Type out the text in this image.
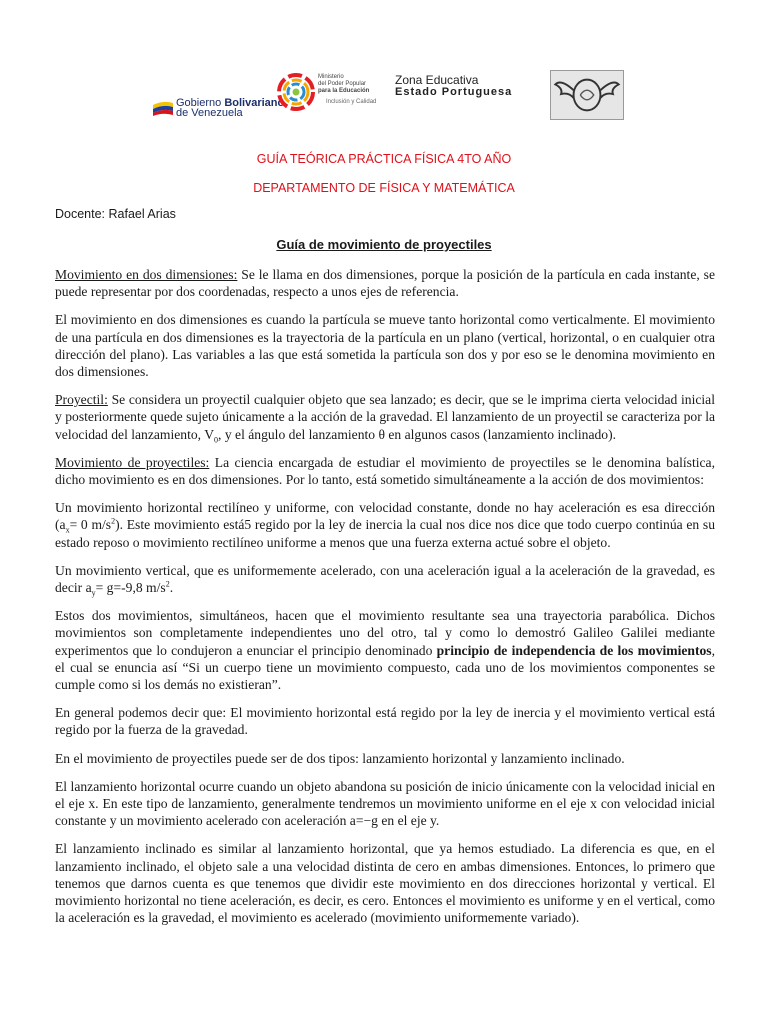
Gobierno Bolivariano
de Venezuela
Ministerio
del Poder Popular
para la Educación
Inclusión y Calidad
Zona Educativa
Estado Portuguesa
GUÍA TEÓRICA PRÁCTICA FÍSICA 4TO AÑO
DEPARTAMENTO DE FÍSICA Y MATEMÁTICA
Docente: Rafael Arias
Guía de movimiento de proyectiles

Movimiento en dos dimensiones: Se le llama en dos dimensiones, porque la posición de la partícula en cada instante, se puede representar por dos coordenadas, respecto a unos ejes de referencia.

El movimiento en dos dimensiones es cuando la partícula se mueve tanto horizontal como verticalmente. El movimiento de una partícula en dos dimensiones es la trayectoria de la partícula en un plano (vertical, horizontal, o en cualquier otra dirección del plano). Las variables a las que está sometida la partícula son dos y por eso se le denomina movimiento en dos dimensiones.

Proyectil: Se considera un proyectil cualquier objeto que sea lanzado; es decir, que se le imprima cierta velocidad inicial y posteriormente quede sujeto únicamente a la acción de la gravedad. El lanzamiento de un proyectil se caracteriza por la velocidad del lanzamiento, $V_0$, y el ángulo del lanzamiento θ en algunos casos (lanzamiento inclinado).

Movimiento de proyectiles: La ciencia encargada de estudiar el movimiento de proyectiles se le denomina balística, dicho movimiento es en dos dimensiones. Por lo tanto, está sometido simultáneamente a la acción de dos movimientos:

Un movimiento horizontal rectilíneo y uniforme, con velocidad constante, donde no hay aceleración es esa dirección ($a_x= 0$ $m/s^2$). Este movimiento está5 regido por la ley de inercia la cual nos dice nos dice que todo cuerpo continúa en su estado reposo o movimiento rectilíneo uniforme a menos que una fuerza externa actué sobre el objeto.

Un movimiento vertical, que es uniformemente acelerado, con una aceleración igual a la aceleración de la gravedad, es decir $a_y= g=-9,8$ $m/s^2$.

Estos dos movimientos, simultáneos, hacen que el movimiento resultante sea una trayectoria parabólica. Dichos movimientos son completamente independientes uno del otro, tal y como lo demostró Galileo Galilei mediante experimentos que lo condujeron a enunciar el principio denominado principio de independencia de los movimientos, el cual se enuncia así “Si un cuerpo tiene un movimiento compuesto, cada uno de los movimientos componentes se cumple como si los demás no existieran”.

En general podemos decir que: El movimiento horizontal está regido por la ley de inercia y el movimiento vertical está regido por la fuerza de la gravedad.

En el movimiento de proyectiles puede ser de dos tipos: lanzamiento horizontal y lanzamiento inclinado.

El lanzamiento horizontal ocurre cuando un objeto abandona su posición de inicio únicamente con la velocidad inicial en el eje x. En este tipo de lanzamiento, generalmente tendremos un movimiento uniforme en el eje x con velocidad inicial constante y un movimiento acelerado con aceleración a=−g en el eje y.

El lanzamiento inclinado es similar al lanzamiento horizontal, que ya hemos estudiado. La diferencia es que, en el lanzamiento inclinado, el objeto sale a una velocidad distinta de cero en ambas dimensiones. Entonces, lo primero que tenemos que darnos cuenta es que tenemos que dividir este movimiento en dos direcciones horizontal y vertical. El movimiento horizontal no tiene aceleración, es decir, es cero. Entonces el movimiento es uniforme y en el vertical, como la aceleración es la gravedad, el movimiento es acelerado (movimiento uniformemente variado).
